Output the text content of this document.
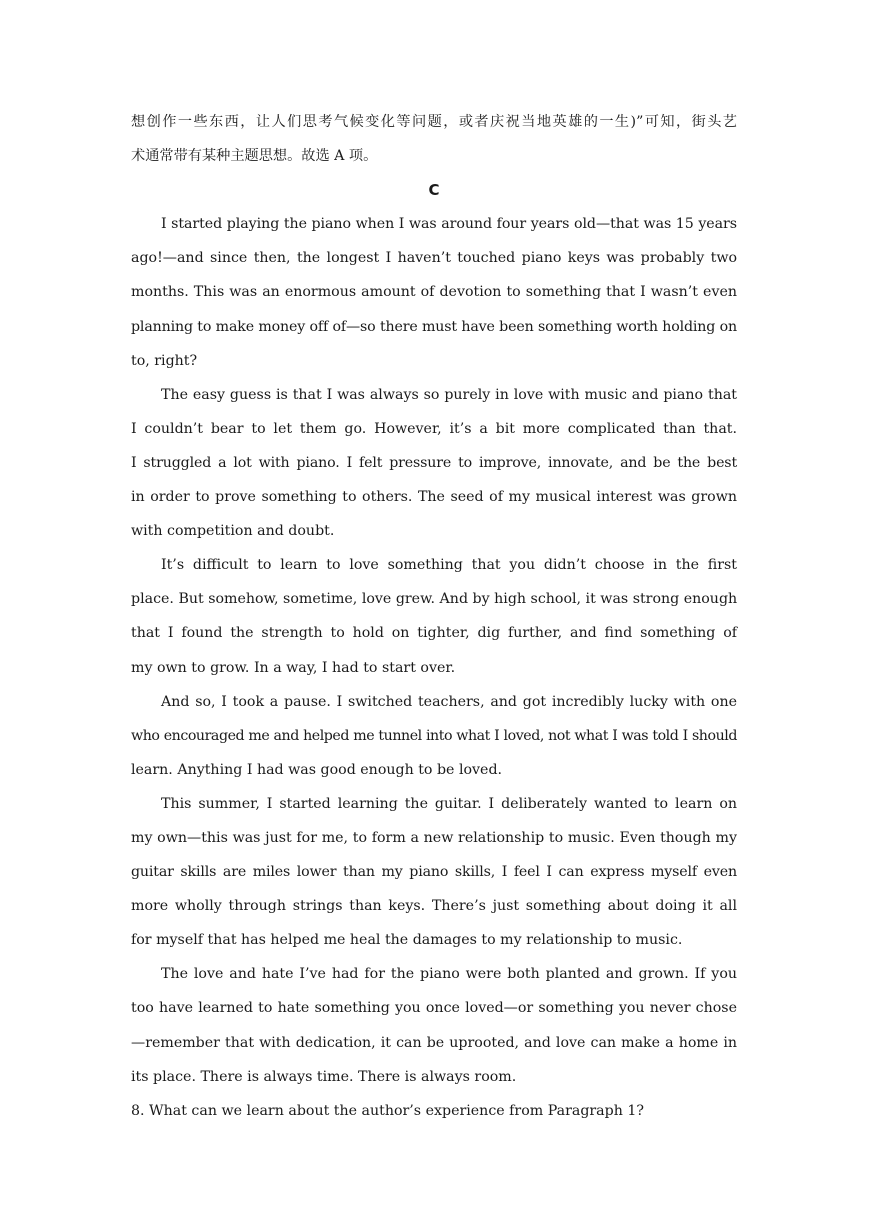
想创作一些东西，让人们思考气候变化等问题，或者庆祝当地英雄的一生)”可知，街头艺
术通常带有某种主题思想。故选 A 项。
C
I started playing the piano when I was around four years old—that was 15 years
ago!—and since then, the longest I haven’t touched piano keys was probably two
months. This was an enormous amount of devotion to something that I wasn’t even
planning to make money off of—so there must have been something worth holding on
to, right?
The easy guess is that I was always so purely in love with music and piano that
I couldn’t bear to let them go. However, it’s a bit more complicated than that.
I struggled a lot with piano. I felt pressure to improve, innovate, and be the best
in order to prove something to others. The seed of my musical interest was grown
with competition and doubt.
It’s difficult to learn to love something that you didn’t choose in the first
place. But somehow, sometime, love grew. And by high school, it was strong enough
that I found the strength to hold on tighter, dig further, and find something of
my own to grow. In a way, I had to start over.
And so, I took a pause. I switched teachers, and got incredibly lucky with one
who encouraged me and helped me tunnel into what I loved, not what I was told I should
learn. Anything I had was good enough to be loved.
This summer, I started learning the guitar. I deliberately wanted to learn on
my own—this was just for me, to form a new relationship to music. Even though my
guitar skills are miles lower than my piano skills, I feel I can express myself even
more wholly through strings than keys. There’s just something about doing it all
for myself that has helped me heal the damages to my relationship to music.
The love and hate I’ve had for the piano were both planted and grown. If you
too have learned to hate something you once loved—or something you never chose
—remember that with dedication, it can be uprooted, and love can make a home in
its place. There is always time. There is always room.
8. What can we learn about the author’s experience from Paragraph 1?
